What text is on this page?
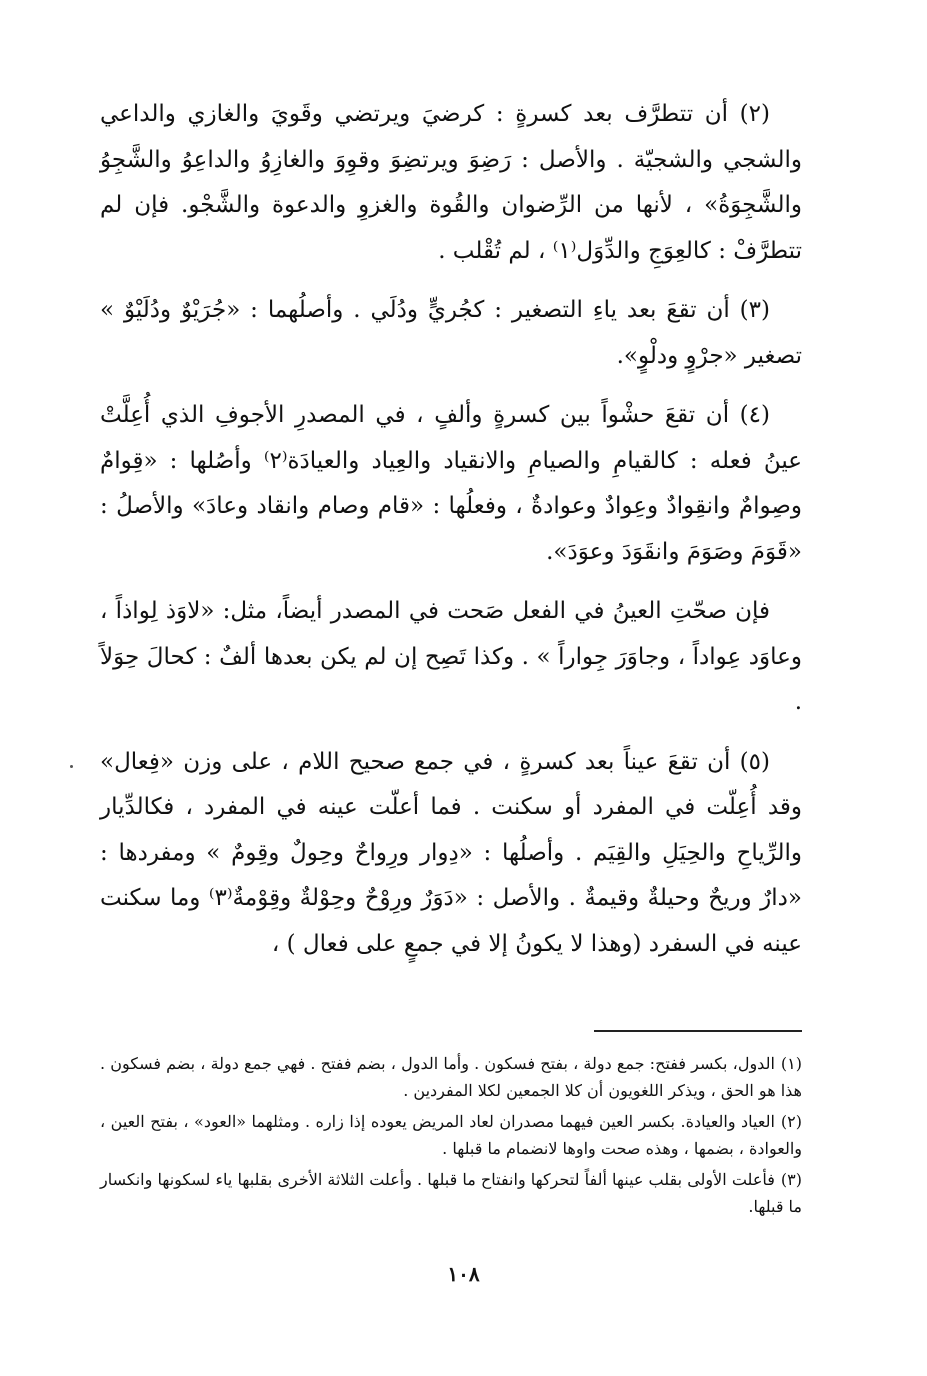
(٢) أن تتطرَّف بعد كسرةٍ : كرضيَ ويرتضي وقَويَ والغازي والداعي والشجي والشجيّة . والأصل : رَضِوَ ويرتضِوَ وقوِوَ والغازِوُ والداعِوُ والشَّجِوُ والشَّجِوَةُ» ، لأنها من الرِّضوان والقُوة والغزوِ والدعوة والشَّجْو. فإن لم تتطرَّفْ : كالعِوَجِ والدِّوَل⁽١⁾ ، لم تُقْلب .

(٣) أن تقعَ بعد ياءِ التصغير : كجُريٍّ ودُلَي . وأصلُهما : «جُرَيْوٌ ودُلَيْوٌ » تصغير «جرْوٍ ودلْوٍ».

(٤) أن تقعَ حشْواً بين كسرةٍ وألفٍ ، في المصدرِ الأجوفِ الذي أُعِلَّتْ عينُ فعله : كالقيامِ والصيامِ والانقياد والعِياد والعيادَة⁽٢⁾ وأصُلها : «قِوامٌ وصِوامٌ وانقِوادٌ وعِوادٌ وعوادةٌ ، وفعلُها : «قام وصام وانقاد وعادَ» والأصلُ : «قَوَمَ وصَوَمَ وانقَوَدَ وعوَدَ».

فإن صحّتِ العينُ في الفعل صَحت في المصدر أيضاً، مثل: «لاوَذ لِواذاً ، وعاوَد عِواداً ، وجاوَرَ جِواراً » . وكذا تَصِح إن لم يكن بعدها ألفٌ : كحالَ حِوَلاً .

(٥) أن تقعَ عيناً بعد كسرةٍ ، في جمع صحيح اللام ، على وزن «فِعال» وقد أُعِلّت في المفرد أو سكنت . فما أعلّت عينه في المفرد ، فكالدِّيار والرِّياحِ والحِيَلِ والقِيَم . وأصلُها : «دِوار ورِواحٌ وحِولٌ وقِومٌ » ومفردها : «دارٌ وريحٌ وحيلةٌ وقيمةٌ . والأصل : «دَوَرٌ ورِوْحٌ وحِوْلةٌ وقِوْمةٌ⁽٣⁾ وما سكنت عينه في السفرد (وهذا لا يكونُ إلا في جمعٍ على فعال ) ،

(١)الدول، بكسر ففتح: جمع دولة ، بفتح فسكون . وأما الدول ، بضم ففتح . فهي جمع دولة ، بضم فسكون . هذا هو الحق ، ويذكر اللغويون أن كلا الجمعين لكلا المفردين .

(٢)العياد والعيادة. بكسر العين فيهما مصدران لعاد المريض يعوده إذا زاره . ومثلهما «العود» ، بفتح العين ، والعوادة ، بضمها ، وهذه صحت واوها لانضمام ما قبلها .

(٣)فأعلت الأولى بقلب عينها ألفاً لتحركها وانفتاح ما قبلها . وأعلت الثلاثة الأخرى بقلبها ياء لسكونها وانكسار ما قبلها.

١٠٨
